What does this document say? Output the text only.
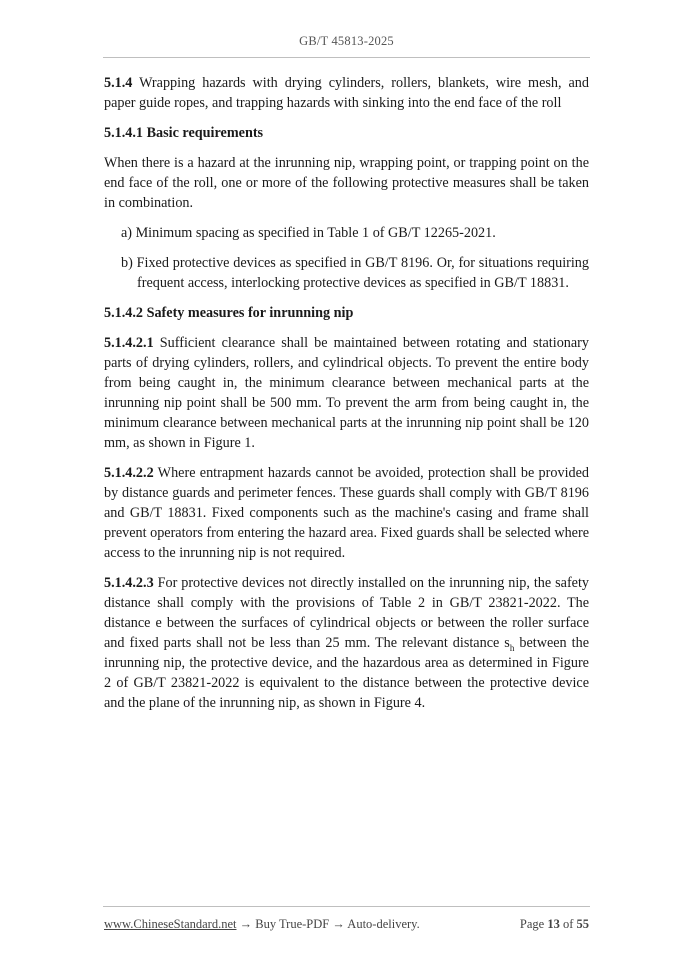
GB/T 45813-2025

5.1.4 Wrapping hazards with drying cylinders, rollers, blankets, wire mesh, and paper guide ropes, and trapping hazards with sinking into the end face of the roll

5.1.4.1 Basic requirements

When there is a hazard at the inrunning nip, wrapping point, or trapping point on the end face of the roll, one or more of the following protective measures shall be taken in combination.

a) Minimum spacing as specified in Table 1 of GB/T 12265-2021.

b) Fixed protective devices as specified in GB/T 8196. Or, for situations requiring frequent access, interlocking protective devices as specified in GB/T 18831.

5.1.4.2 Safety measures for inrunning nip

5.1.4.2.1 Sufficient clearance shall be maintained between rotating and stationary parts of drying cylinders, rollers, and cylindrical objects. To prevent the entire body from being caught in, the minimum clearance between mechanical parts at the inrunning nip point shall be 500 mm. To prevent the arm from being caught in, the minimum clearance between mechanical parts at the inrunning nip point shall be 120 mm, as shown in Figure 1.

5.1.4.2.2 Where entrapment hazards cannot be avoided, protection shall be provided by distance guards and perimeter fences. These guards shall comply with GB/T 8196 and GB/T 18831. Fixed components such as the machine's casing and frame shall prevent operators from entering the hazard area. Fixed guards shall be selected where access to the inrunning nip is not required.

5.1.4.2.3 For protective devices not directly installed on the inrunning nip, the safety distance shall comply with the provisions of Table 2 in GB/T 23821-2022. The distance e between the surfaces of cylindrical objects or between the roller surface and fixed parts shall not be less than 25 mm. The relevant distance $s_h$ between the inrunning nip, the protective device, and the hazardous area as determined in Figure 2 of GB/T 23821-2022 is equivalent to the distance between the protective device and the plane of the inrunning nip, as shown in Figure 4.

www.ChineseStandard.net → Buy True-PDF → Auto-delivery.	Page 13 of 55
